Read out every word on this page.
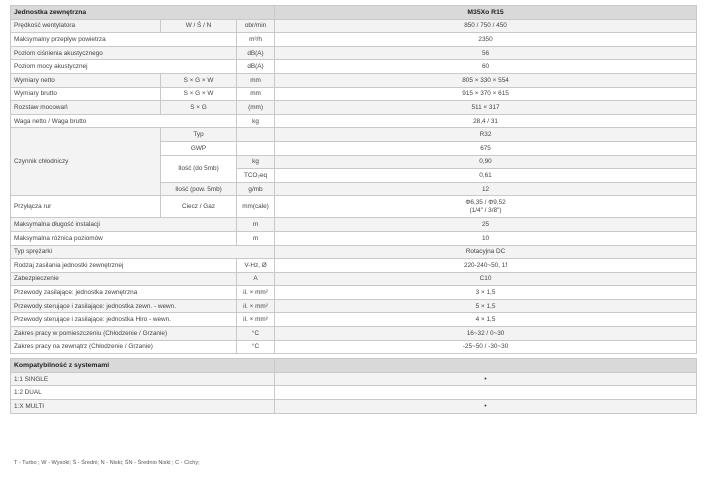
Jednostka zewnętrzna			M35Xo R15
Prędkość wentylatora	W / Ś / N	obr/min	850 / 750 / 450
Maksymalny przepływ powietrza		m³/h	2350
Poziom ciśnienia akustycznego		dB(A)	56
Poziom mocy akustycznej		dB(A)	60
Wymiary netto	S × G × W	mm	805 × 330 × 554
Wymiary brutto	S × G × W	mm	915 × 370 × 615
Rozstaw mocowań	S × G	(mm)	511 × 317
Waga netto / Waga brutto		kg	28,4 / 31
Czynnik chłodniczy	Typ		R32
	GWP		675
	Ilość (do 5mb)	kg	0,90
		TCO₂eq	0,61
	Ilość (pow. 5mb)	g/mb	12
Przyłącza rur	Ciecz / Gaz	mm(cale)	Φ6,35 / Φ9,52
(1/4" / 3/8")

Maksymalna długość instalacji		m	25
Maksymalna różnica poziomów		m	10
Typ sprężarki			Rotacyjna DC
Rodzaj zasilania jednostki zewnętrznej		V-Hz, Ø	220-240~50, 1f
Zabezpieczenie		A	C10
Przewody zasilające: jednostka zewnętrzna		il. × mm²	3 × 1,5
Przewody sterujące i zasilające: jednostka zewn. - wewn.		il. × mm²	5 × 1,5
Przewody sterujące i zasilające: jednostka Hiro - wewn.		il. × mm²	4 × 1,5
Zakres pracy w pomieszczeniu (Chłodzenie / Grzanie)		°C	16~32 / 0~30
Zakres pracy na zewnątrz (Chłodzenie / Grzanie)		°C	-25~50 / -30~30

Kompatybilność z systemami			
1:1 SINGLE			•
1:2 DUAL			
1:X MULTI			•
T - Turbo ; W - Wysoki; Ś - Średni; N - Niski; ŚN - Średnio Niski ; C - Cichy;
